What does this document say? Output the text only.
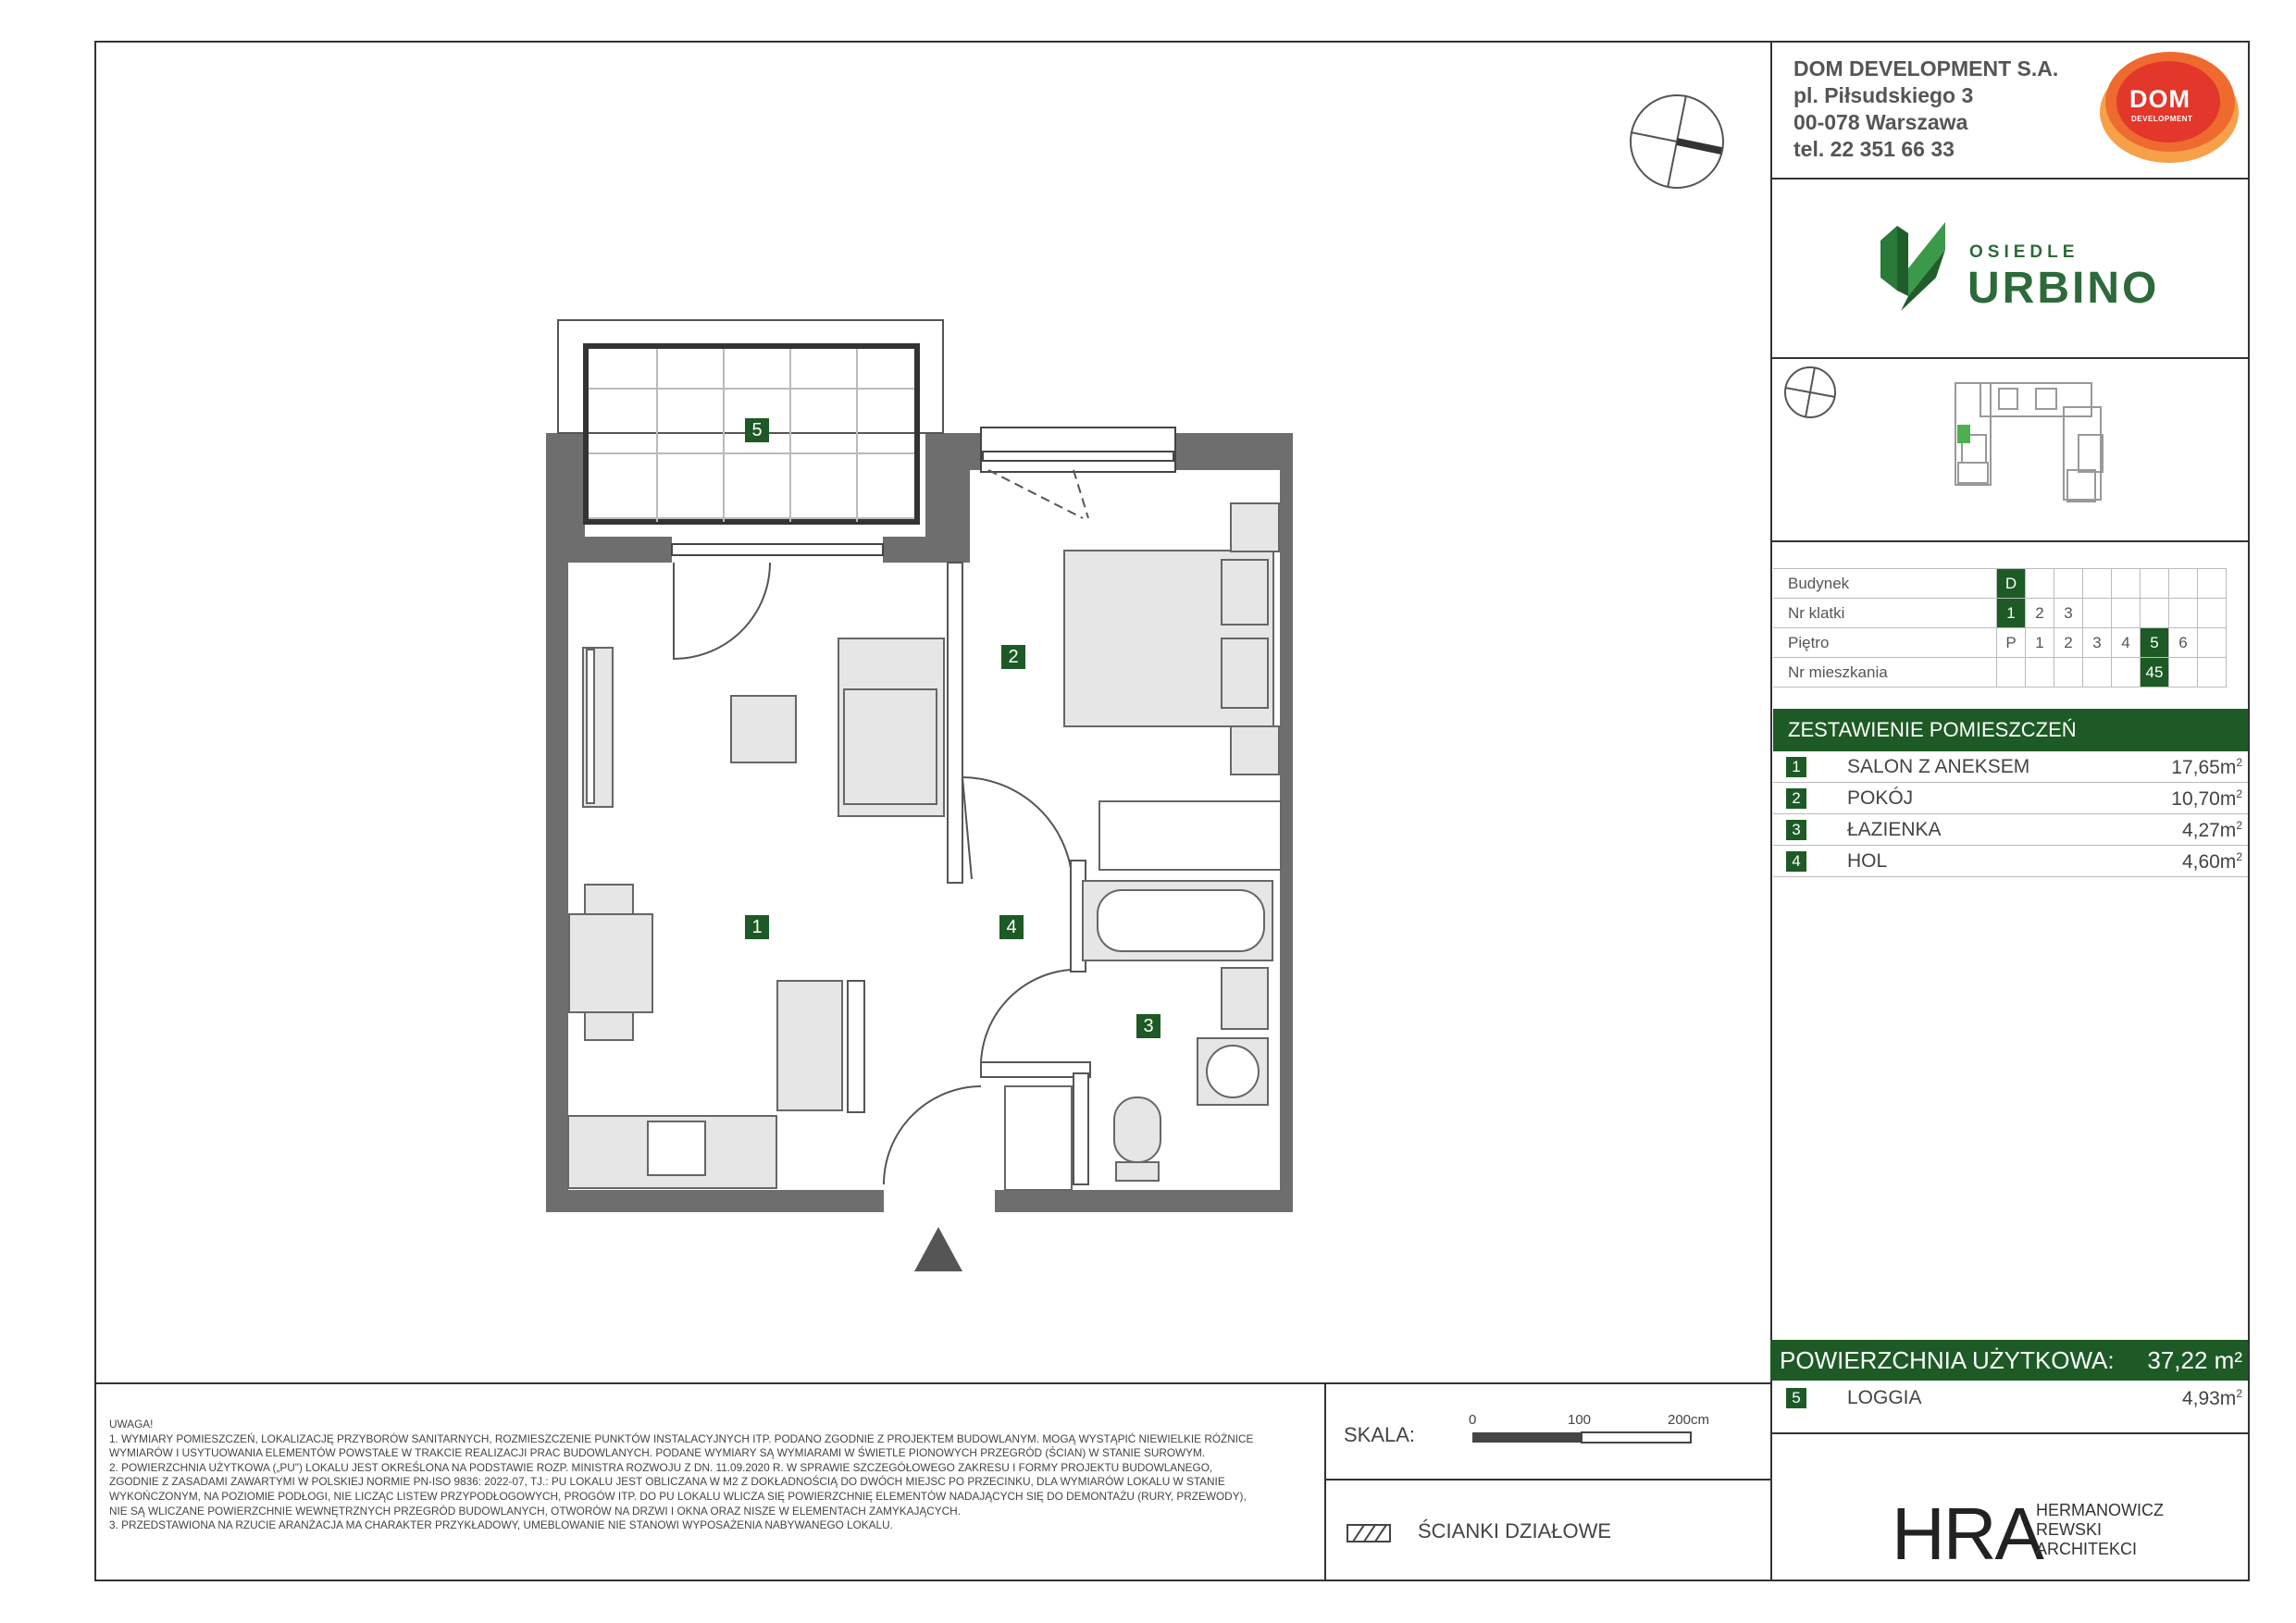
5
2
1	4
3
DOM DEVELOPMENT S.A.
pl. Piłsudskiego 3
00-078 Warszawa
tel. 22 351 66 33
DOM
DEVELOPMENT
OSIEDLE
URBINO
Budynek	D							
Nr klatki	1	2	3					
Piętro	P	1	2	3	4	5	6	
Nr mieszkania						45		
ZESTAWIENIE POMIESZCZEŃ
1 SALON Z ANEKSEM	$17,65m^2$
2 POKÓJ	$10,70m^2$
3 ŁAZIENKA	$4,27m^2$
4 HOL	$4,60m^2$
POWIERZCHNIA UŻYTKOWA: 37,22 m²
5 LOGGIA	$4,93m^2$
UWAGA!
1. WYMIARY POMIESZCZEŃ, LOKALIZACJĘ PRZYBORÓW SANITARNYCH, ROZMIESZCZENIE PUNKTÓW INSTALACYJNYCH ITP. PODANO ZGODNIE Z PROJEKTEM BUDOWLANYM. MOGĄ WYSTĄPIĆ NIEWIELKIE RÓŻNICE
WYMIARÓW I USYTUOWANIA ELEMENTÓW POWSTAŁE W TRAKCIE REALIZACJI PRAC BUDOWLANYCH. PODANE WYMIARY SĄ WYMIARAMI W ŚWIETLE PIONOWYCH PRZEGRÓD (ŚCIAN) W STANIE SUROWYM.
2. POWIERZCHNIA UŻYTKOWA („PU") LOKALU JEST OKREŚLONA NA PODSTAWIE ROZP. MINISTRA ROZWOJU Z DN. 11.09.2020 R. W SPRAWIE SZCZEGÓŁOWEGO ZAKRESU I FORMY PROJEKTU BUDOWLANEGO,
ZGODNIE Z ZASADAMI ZAWARTYMI W POLSKIEJ NORMIE PN-ISO 9836: 2022-07, TJ.: PU LOKALU JEST OBLICZANA W M2 Z DOKŁADNOŚCIĄ DO DWÓCH MIEJSC PO PRZECINKU, DLA WYMIARÓW LOKALU W STANIE
WYKOŃCZONYM, NA POZIOMIE PODŁOGI, NIE LICZĄC LISTEW PRZYPODŁOGOWYCH, PROGÓW ITP. DO PU LOKALU WLICZA SIĘ POWIERZCHNIĘ ELEMENTÓW NADAJĄCYCH SIĘ DO DEMONTAŻU (RURY, PRZEWODY),
NIE SĄ WLICZANE POWIERZCHNIE WEWNĘTRZNYCH PRZEGRÓD BUDOWLANYCH, OTWORÓW NA DRZWI I OKNA ORAZ NISZE W ELEMENTACH ZAMYKAJĄCYCH.
3. PRZEDSTAWIONA NA RZUCIE ARANŻACJA MA CHARAKTER PRZYKŁADOWY, UMEBLOWANIE NIE STANOWI WYPOSAŻENIA NABYWANEGO LOKALU.
SKALA:
0	100	200cm
ŚCIANKI DZIAŁOWE	HRA
HERMANOWICZ
REWSKI
ARCHITEKCI
